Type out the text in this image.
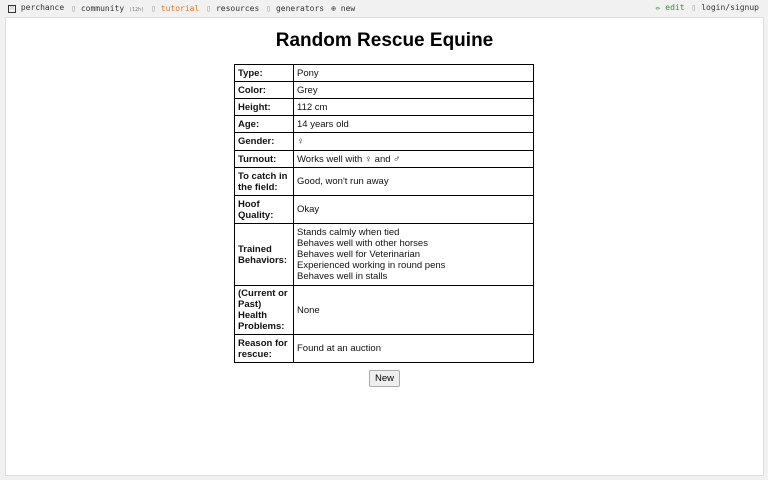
⁙ perchance ▯ community (12h) ▯ tutorial ▯ resources ▯ generators ⊕ new	✏ edit ▯ login/signup
Random Rescue Equine
Type:	Pony

Color:	Grey

Height:	112 cm

Age:	14 years old

Gender:	♀

Turnout:	Works well with ♀ and ♂

To catch in the field:	Good, won't run away

Hoof Quality:	Okay

Trained Behaviors:	Stands calmly when tied
Behaves well with other horses
Behaves well for Veterinarian
Experienced working in round pens
Behaves well in stalls

(Current or Past) Health Problems:	None

Reason for rescue:	Found at an auction
New
